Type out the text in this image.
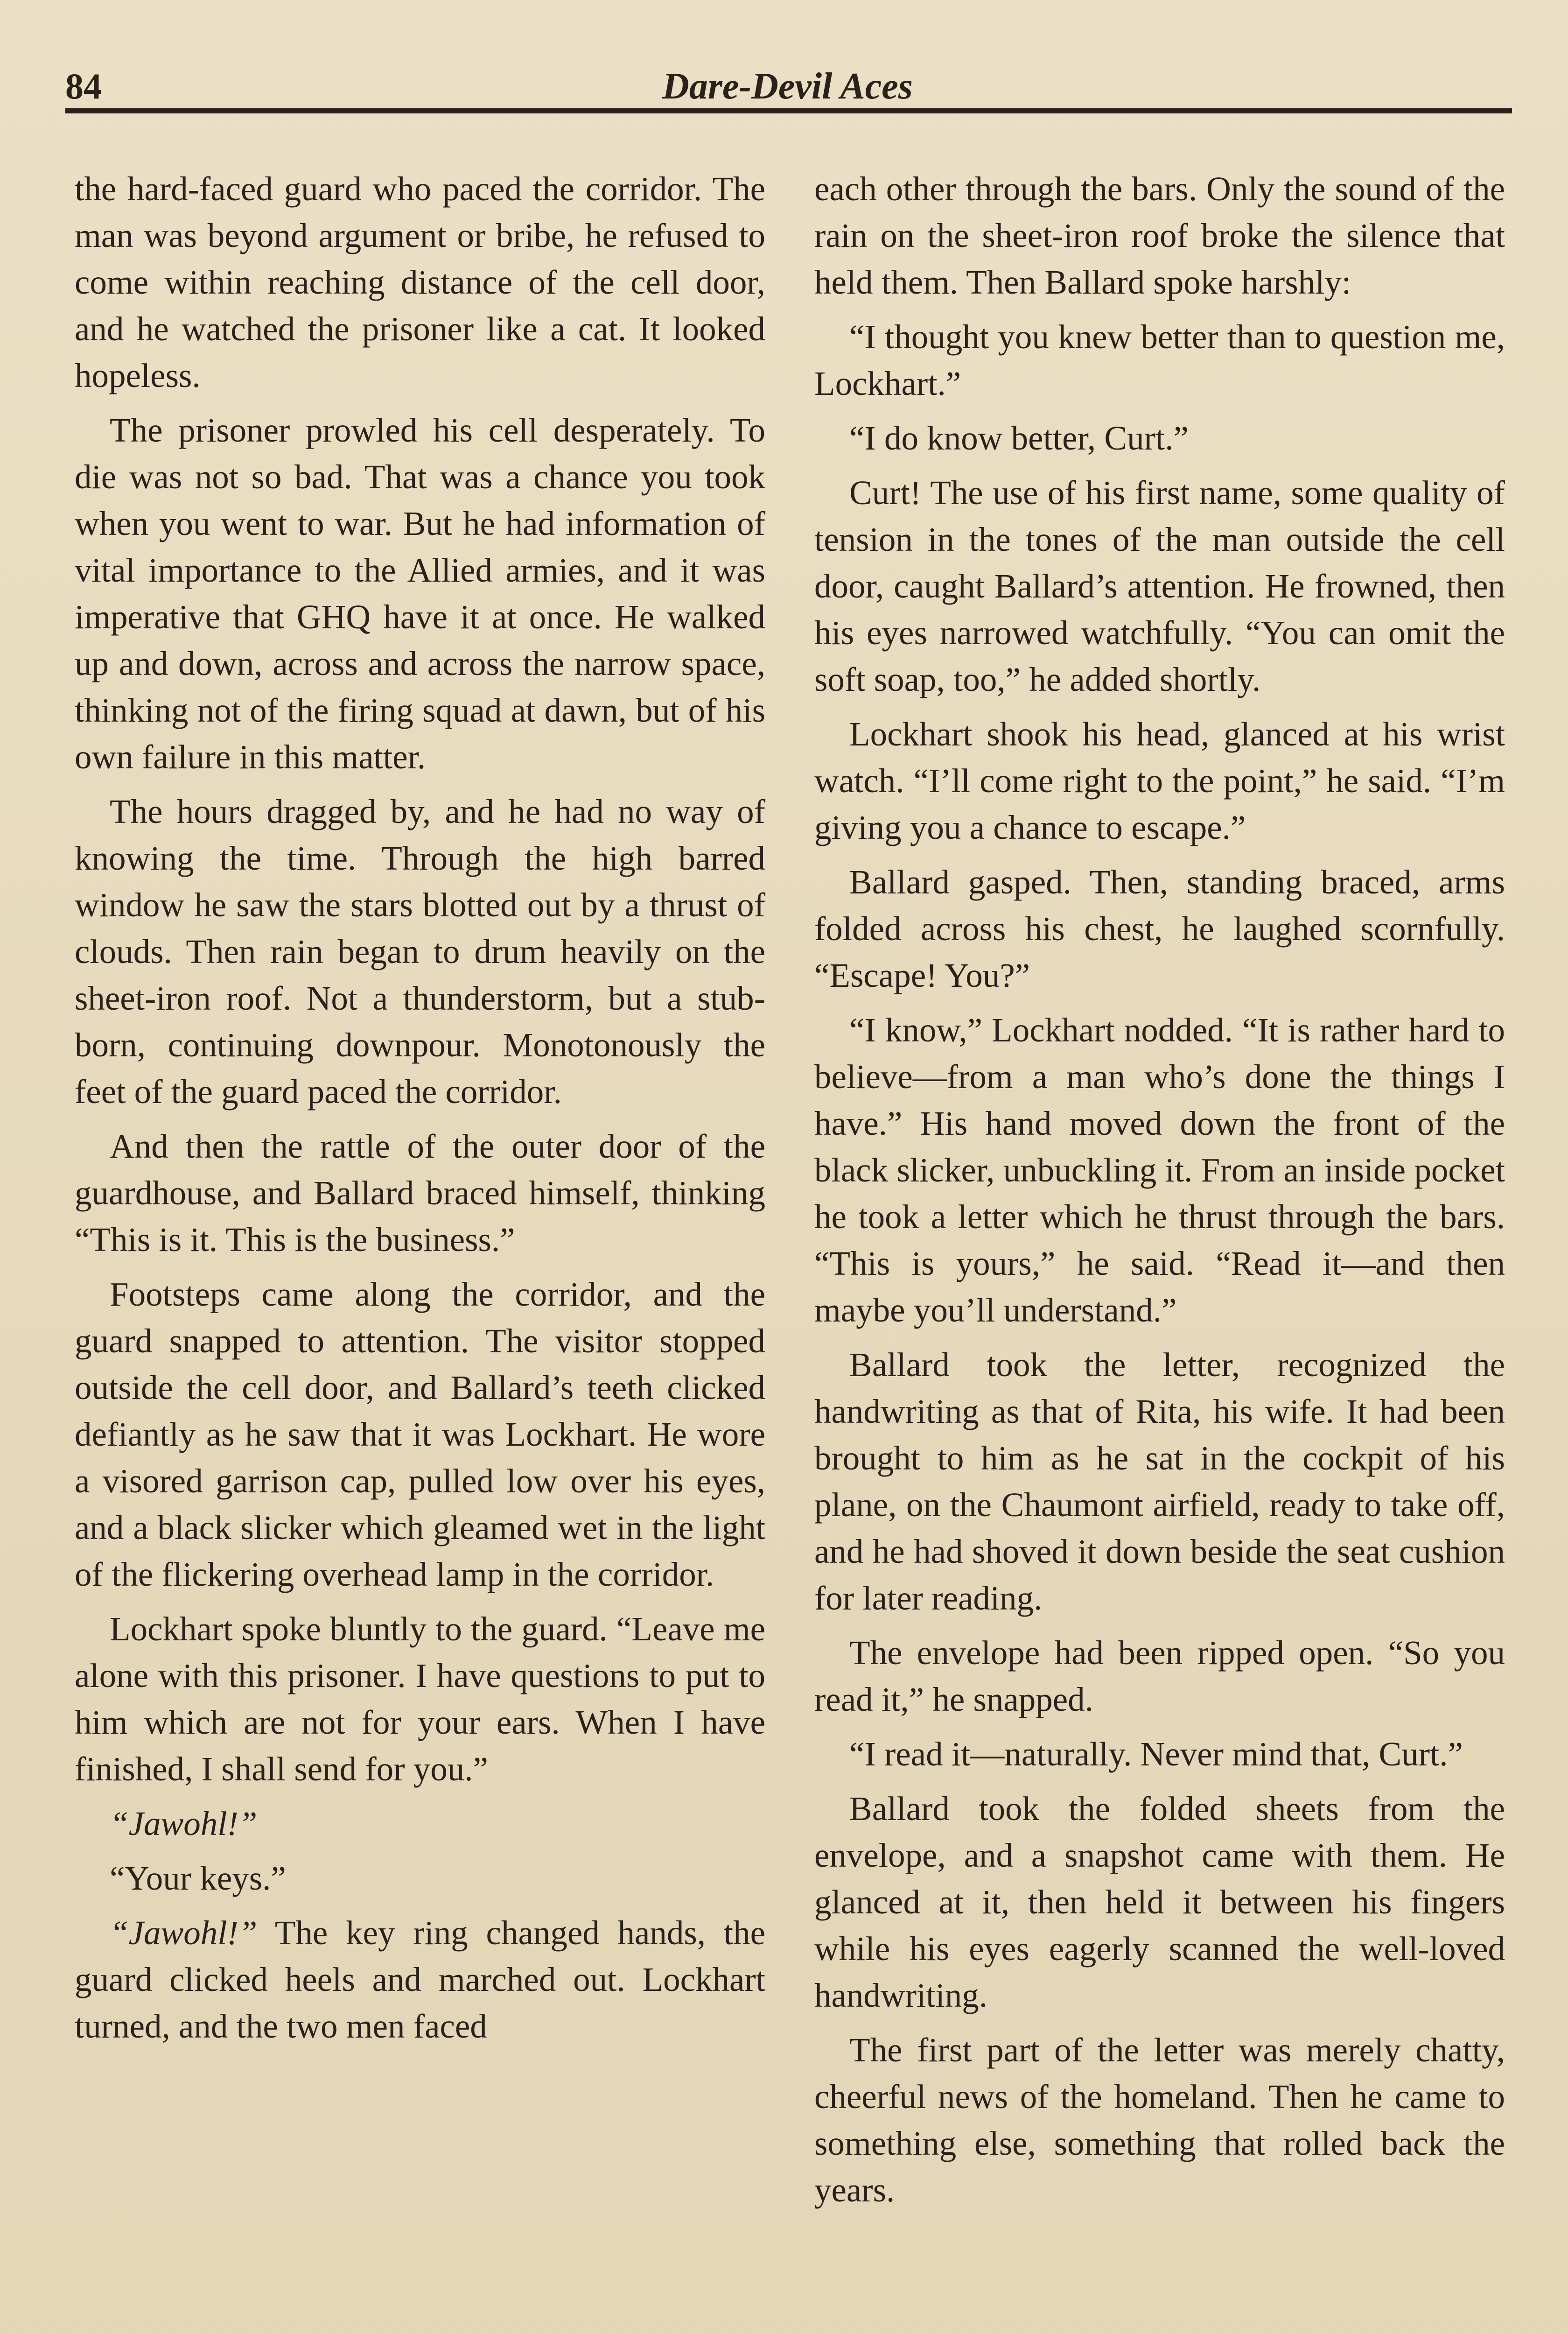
84	Dare-Devil Aces

the hard-faced guard who paced the corridor. The man was beyond argument or bribe, he refused to come within reaching distance of the cell door, and he watched the prisoner like a cat. It looked hopeless.

The prisoner prowled his cell desperately. To die was not so bad. That was a chance you took when you went to war. But he had information of vital importance to the Allied armies, and it was imperative that GHQ have it at once. He walked up and down, across and across the narrow space, thinking not of the firing squad at dawn, but of his own failure in this matter.

The hours dragged by, and he had no way of knowing the time. Through the high barred window he saw the stars blotted out by a thrust of clouds. Then rain began to drum heavily on the sheet-iron roof. Not a thunderstorm, but a stubborn, continuing downpour. Monotonously the feet of the guard paced the corridor.

And then the rattle of the outer door of the guardhouse, and Ballard braced himself, thinking “This is it. This is the business.”

Footsteps came along the corridor, and the guard snapped to attention. The visitor stopped outside the cell door, and Ballard’s teeth clicked defiantly as he saw that it was Lockhart. He wore a visored garrison cap, pulled low over his eyes, and a black slicker which gleamed wet in the light of the flickering overhead lamp in the corridor.

Lockhart spoke bluntly to the guard. “Leave me alone with this prisoner. I have questions to put to him which are not for your ears. When I have finished, I shall send for you.”

“Jawohl!”

“Your keys.”

“Jawohl!” The key ring changed hands, the guard clicked heels and marched out. Lockhart turned, and the two men faced

each other through the bars. Only the sound of the rain on the sheet-iron roof broke the silence that held them. Then Ballard spoke harshly:

“I thought you knew better than to question me, Lockhart.”

“I do know better, Curt.”

Curt! The use of his first name, some quality of tension in the tones of the man outside the cell door, caught Ballard’s attention. He frowned, then his eyes narrowed watchfully. “You can omit the soft soap, too,” he added shortly.

Lockhart shook his head, glanced at his wrist watch. “I’ll come right to the point,” he said. “I’m giving you a chance to escape.”

Ballard gasped. Then, standing braced, arms folded across his chest, he laughed scornfully. “Escape! You?”

“I know,” Lockhart nodded. “It is rather hard to believe—from a man who’s done the things I have.” His hand moved down the front of the black slicker, unbuckling it. From an inside pocket he took a letter which he thrust through the bars. “This is yours,” he said. “Read it—and then maybe you’ll understand.”

Ballard took the letter, recognized the handwriting as that of Rita, his wife. It had been brought to him as he sat in the cockpit of his plane, on the Chaumont airfield, ready to take off, and he had shoved it down beside the seat cushion for later reading.

The envelope had been ripped open. “So you read it,” he snapped.

“I read it—naturally. Never mind that, Curt.”

Ballard took the folded sheets from the envelope, and a snapshot came with them. He glanced at it, then held it between his fingers while his eyes eagerly scanned the well-loved handwriting.

The first part of the letter was merely chatty, cheerful news of the homeland. Then he came to something else, something that rolled back the years.
